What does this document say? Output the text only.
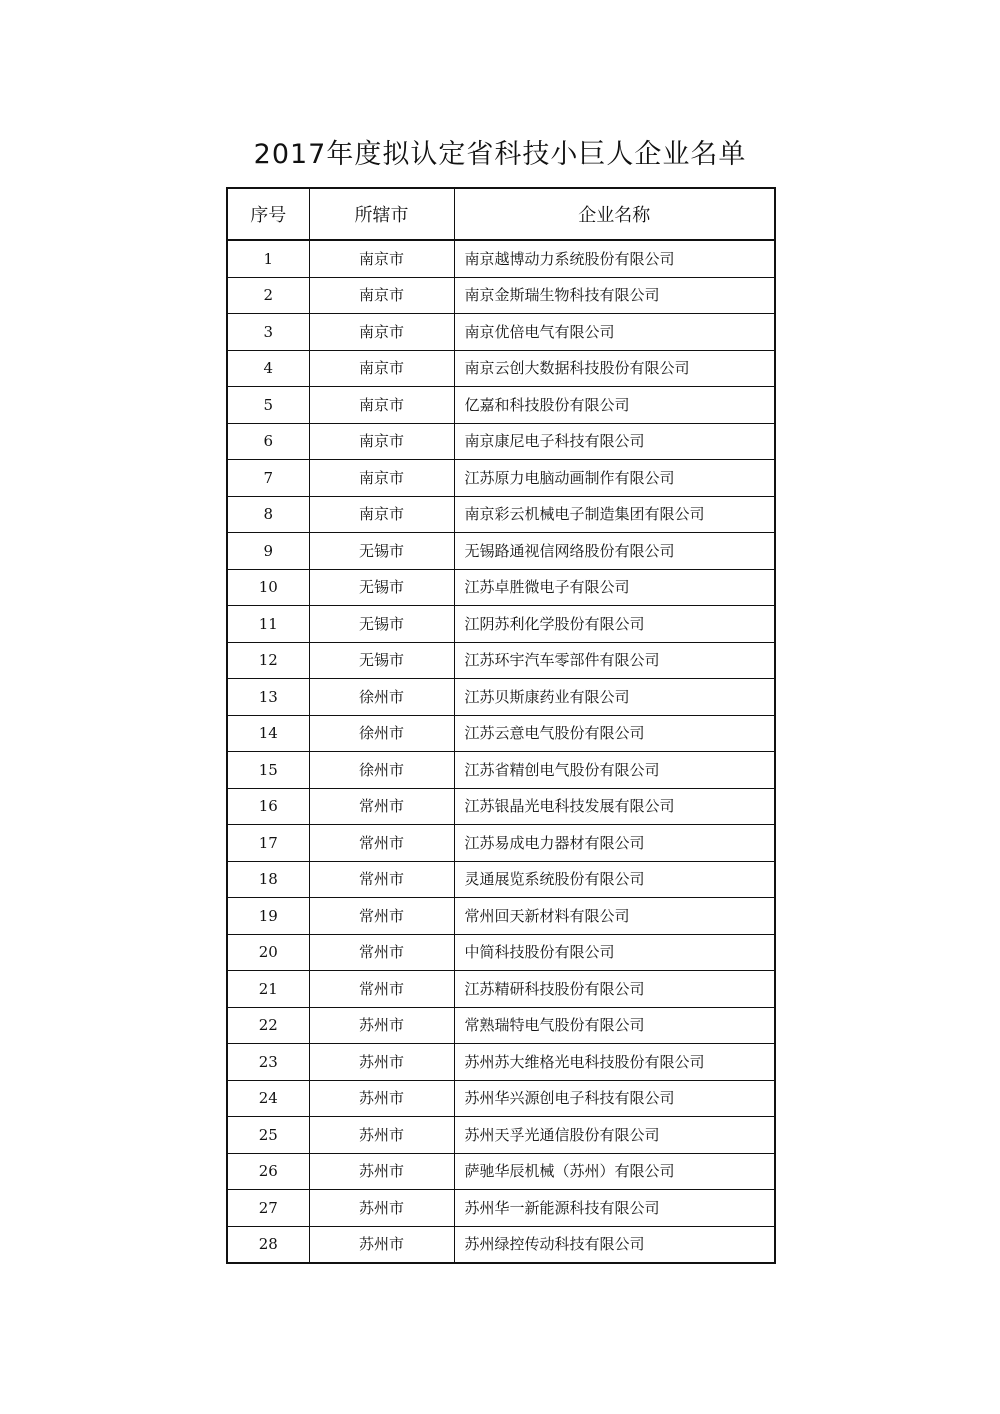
2017年度拟认定省科技小巨人企业名单
序号	所辖市	企业名称
1	南京市	南京越博动力系统股份有限公司
2	南京市	南京金斯瑞生物科技有限公司
3	南京市	南京优倍电气有限公司
4	南京市	南京云创大数据科技股份有限公司
5	南京市	亿嘉和科技股份有限公司
6	南京市	南京康尼电子科技有限公司
7	南京市	江苏原力电脑动画制作有限公司
8	南京市	南京彩云机械电子制造集团有限公司
9	无锡市	无锡路通视信网络股份有限公司
10	无锡市	江苏卓胜微电子有限公司
11	无锡市	江阴苏利化学股份有限公司
12	无锡市	江苏环宇汽车零部件有限公司
13	徐州市	江苏贝斯康药业有限公司
14	徐州市	江苏云意电气股份有限公司
15	徐州市	江苏省精创电气股份有限公司
16	常州市	江苏银晶光电科技发展有限公司
17	常州市	江苏易成电力器材有限公司
18	常州市	灵通展览系统股份有限公司
19	常州市	常州回天新材料有限公司
20	常州市	中简科技股份有限公司
21	常州市	江苏精研科技股份有限公司
22	苏州市	常熟瑞特电气股份有限公司
23	苏州市	苏州苏大维格光电科技股份有限公司
24	苏州市	苏州华兴源创电子科技有限公司
25	苏州市	苏州天孚光通信股份有限公司
26	苏州市	萨驰华辰机械（苏州）有限公司
27	苏州市	苏州华一新能源科技有限公司
28	苏州市	苏州绿控传动科技有限公司
